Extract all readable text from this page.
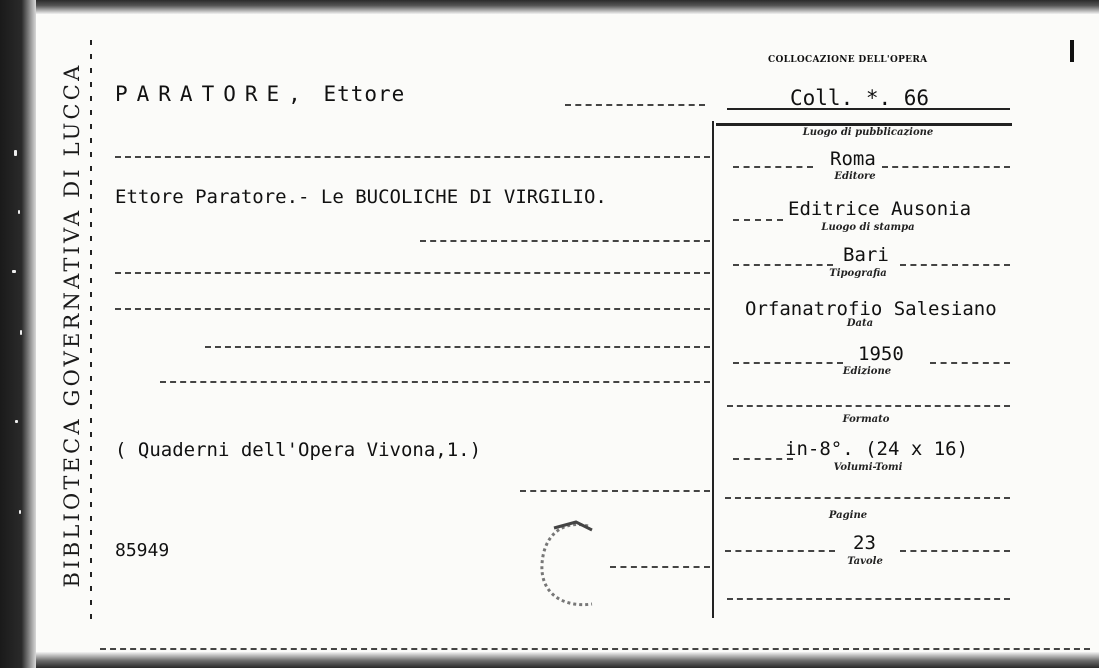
BIBLIOTECA GOVERNATIVA DI LUCCA PARATORE, Ettore
Ettore Paratore.- Le BUCOLICHE DI VIRGILIO.
( Quaderni dell'Opera Vivona,1.)
85949
COLLOCAZIONE DELL'OPERA
Coll. *. 66
Luogo di pubblicazione
Roma
Editore
Editrice Ausonia
Luogo di stampa
Bari
Tipografia
Orfanatrofio Salesiano
Data
1950
Edizione
Formato
in-8°. (24 x 16)
Volumi-Tomi
Pagine
23
Tavole
